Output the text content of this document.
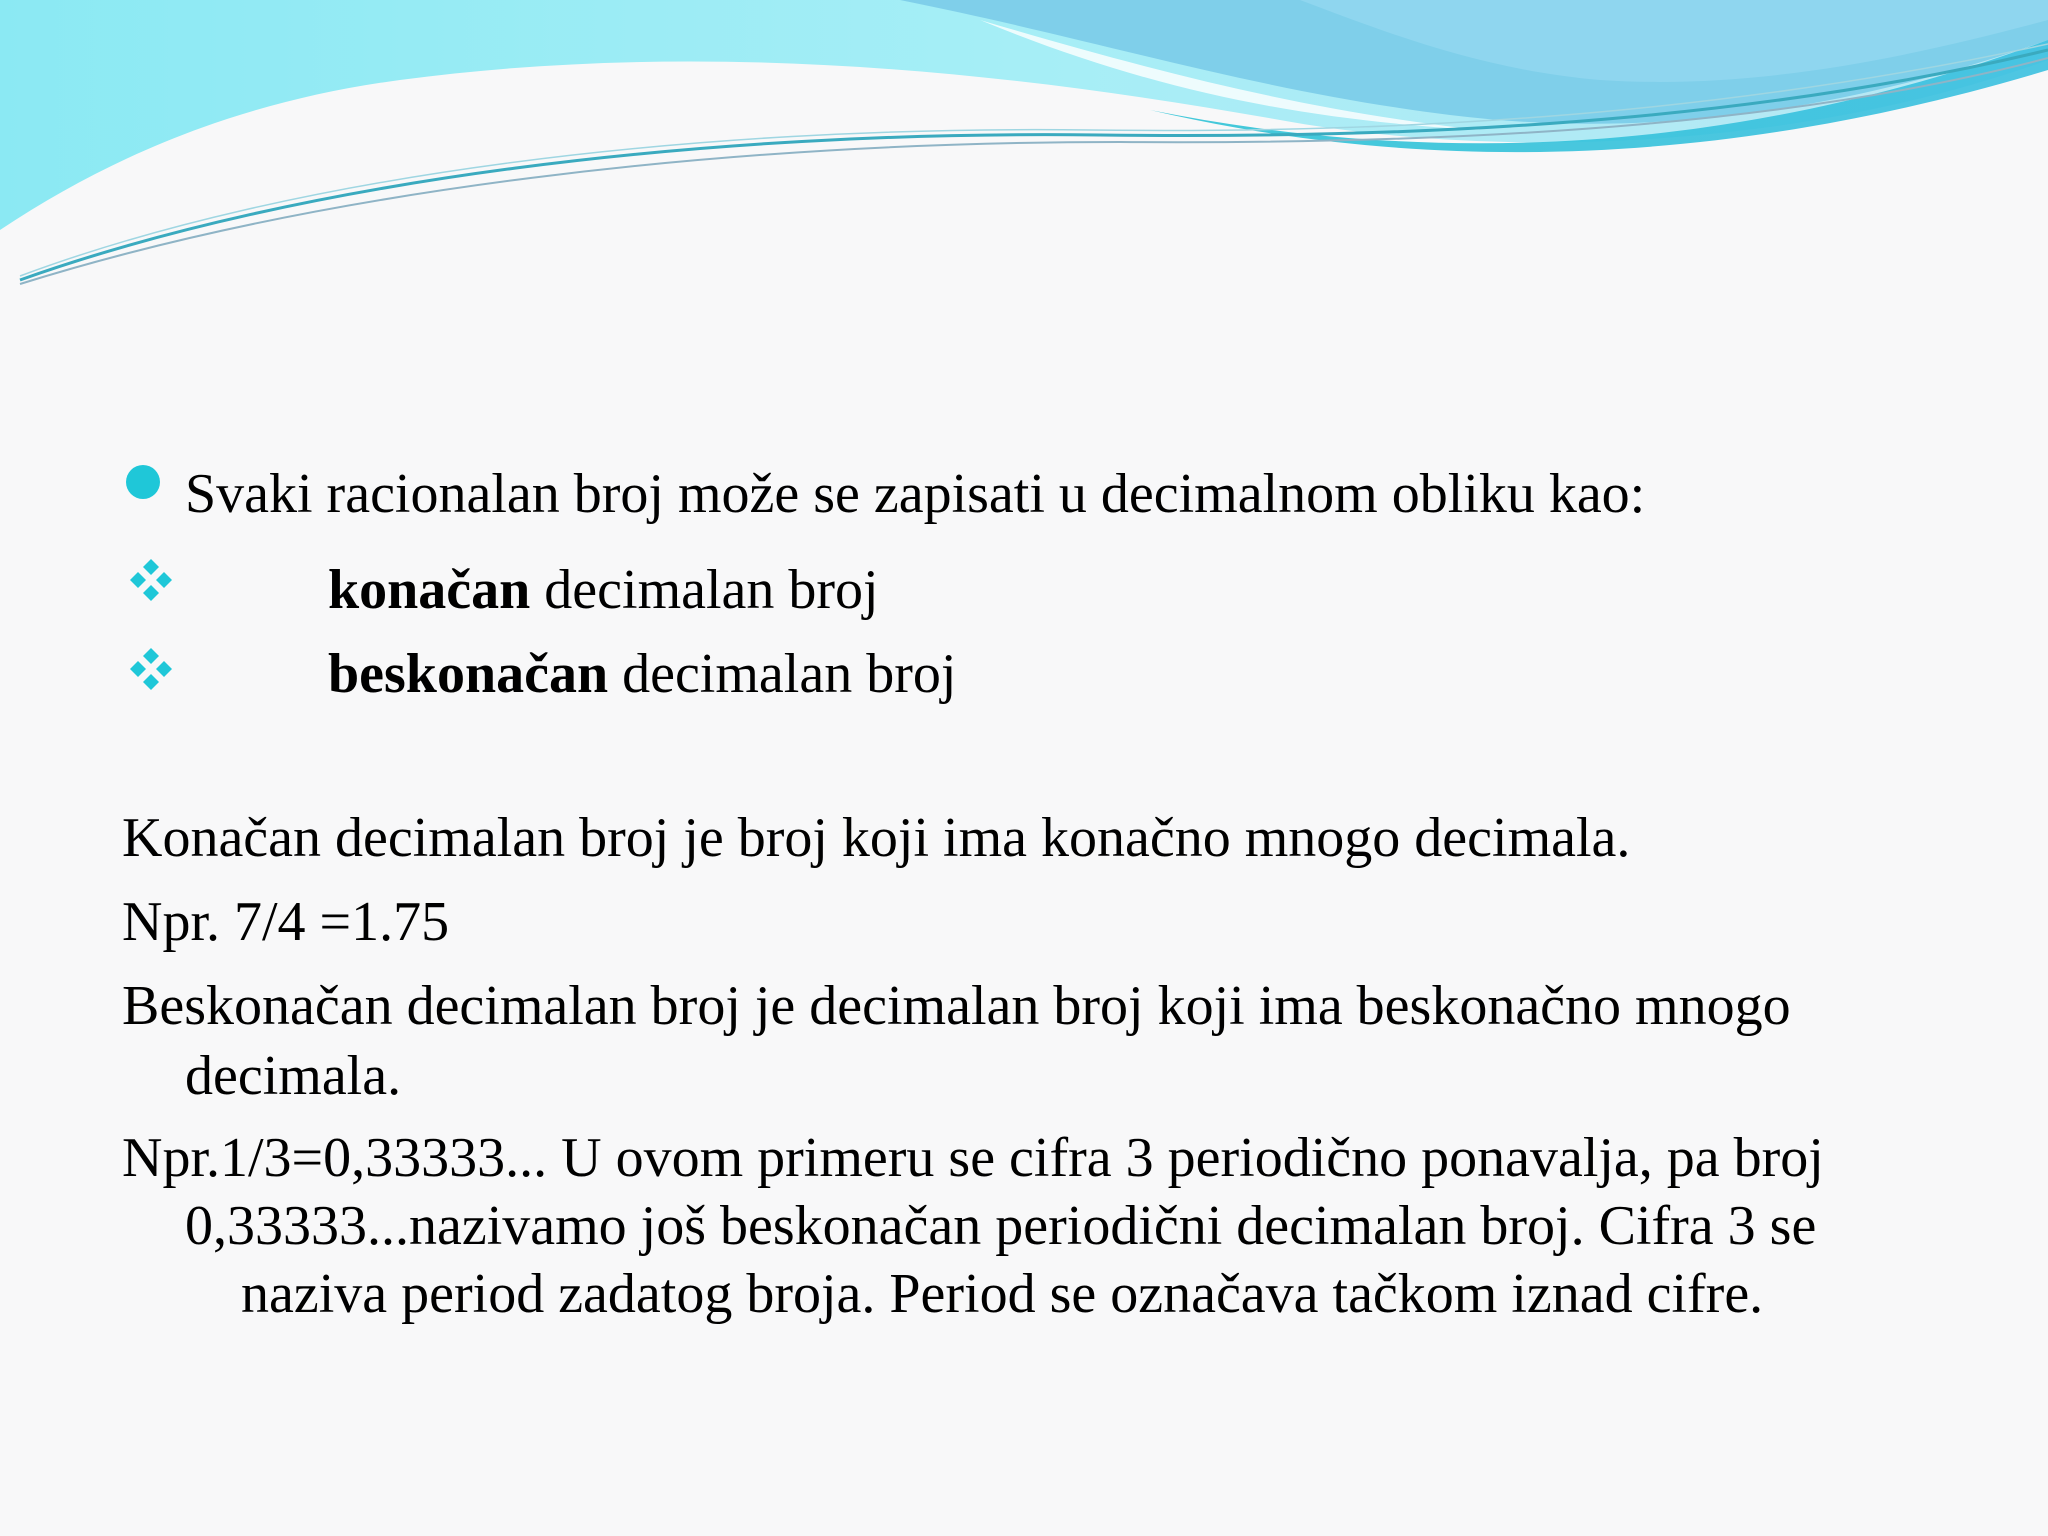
Svaki racionalan broj može se zapisati u decimalnom obliku kao:
konačan decimalan broj
beskonačan decimalan broj
Konačan decimalan broj je broj koji ima konačno mnogo decimala.
Npr. 7/4 =1.75
Beskonačan decimalan broj je decimalan broj koji ima beskonačno mnogo
decimala.
Npr.1/3=0,33333... U ovom primeru se cifra 3 periodično ponavalja, pa broj
0,33333...nazivamo još beskonačan periodični decimalan broj. Cifra 3 se
naziva period zadatog broja. Period se označava tačkom iznad cifre.
